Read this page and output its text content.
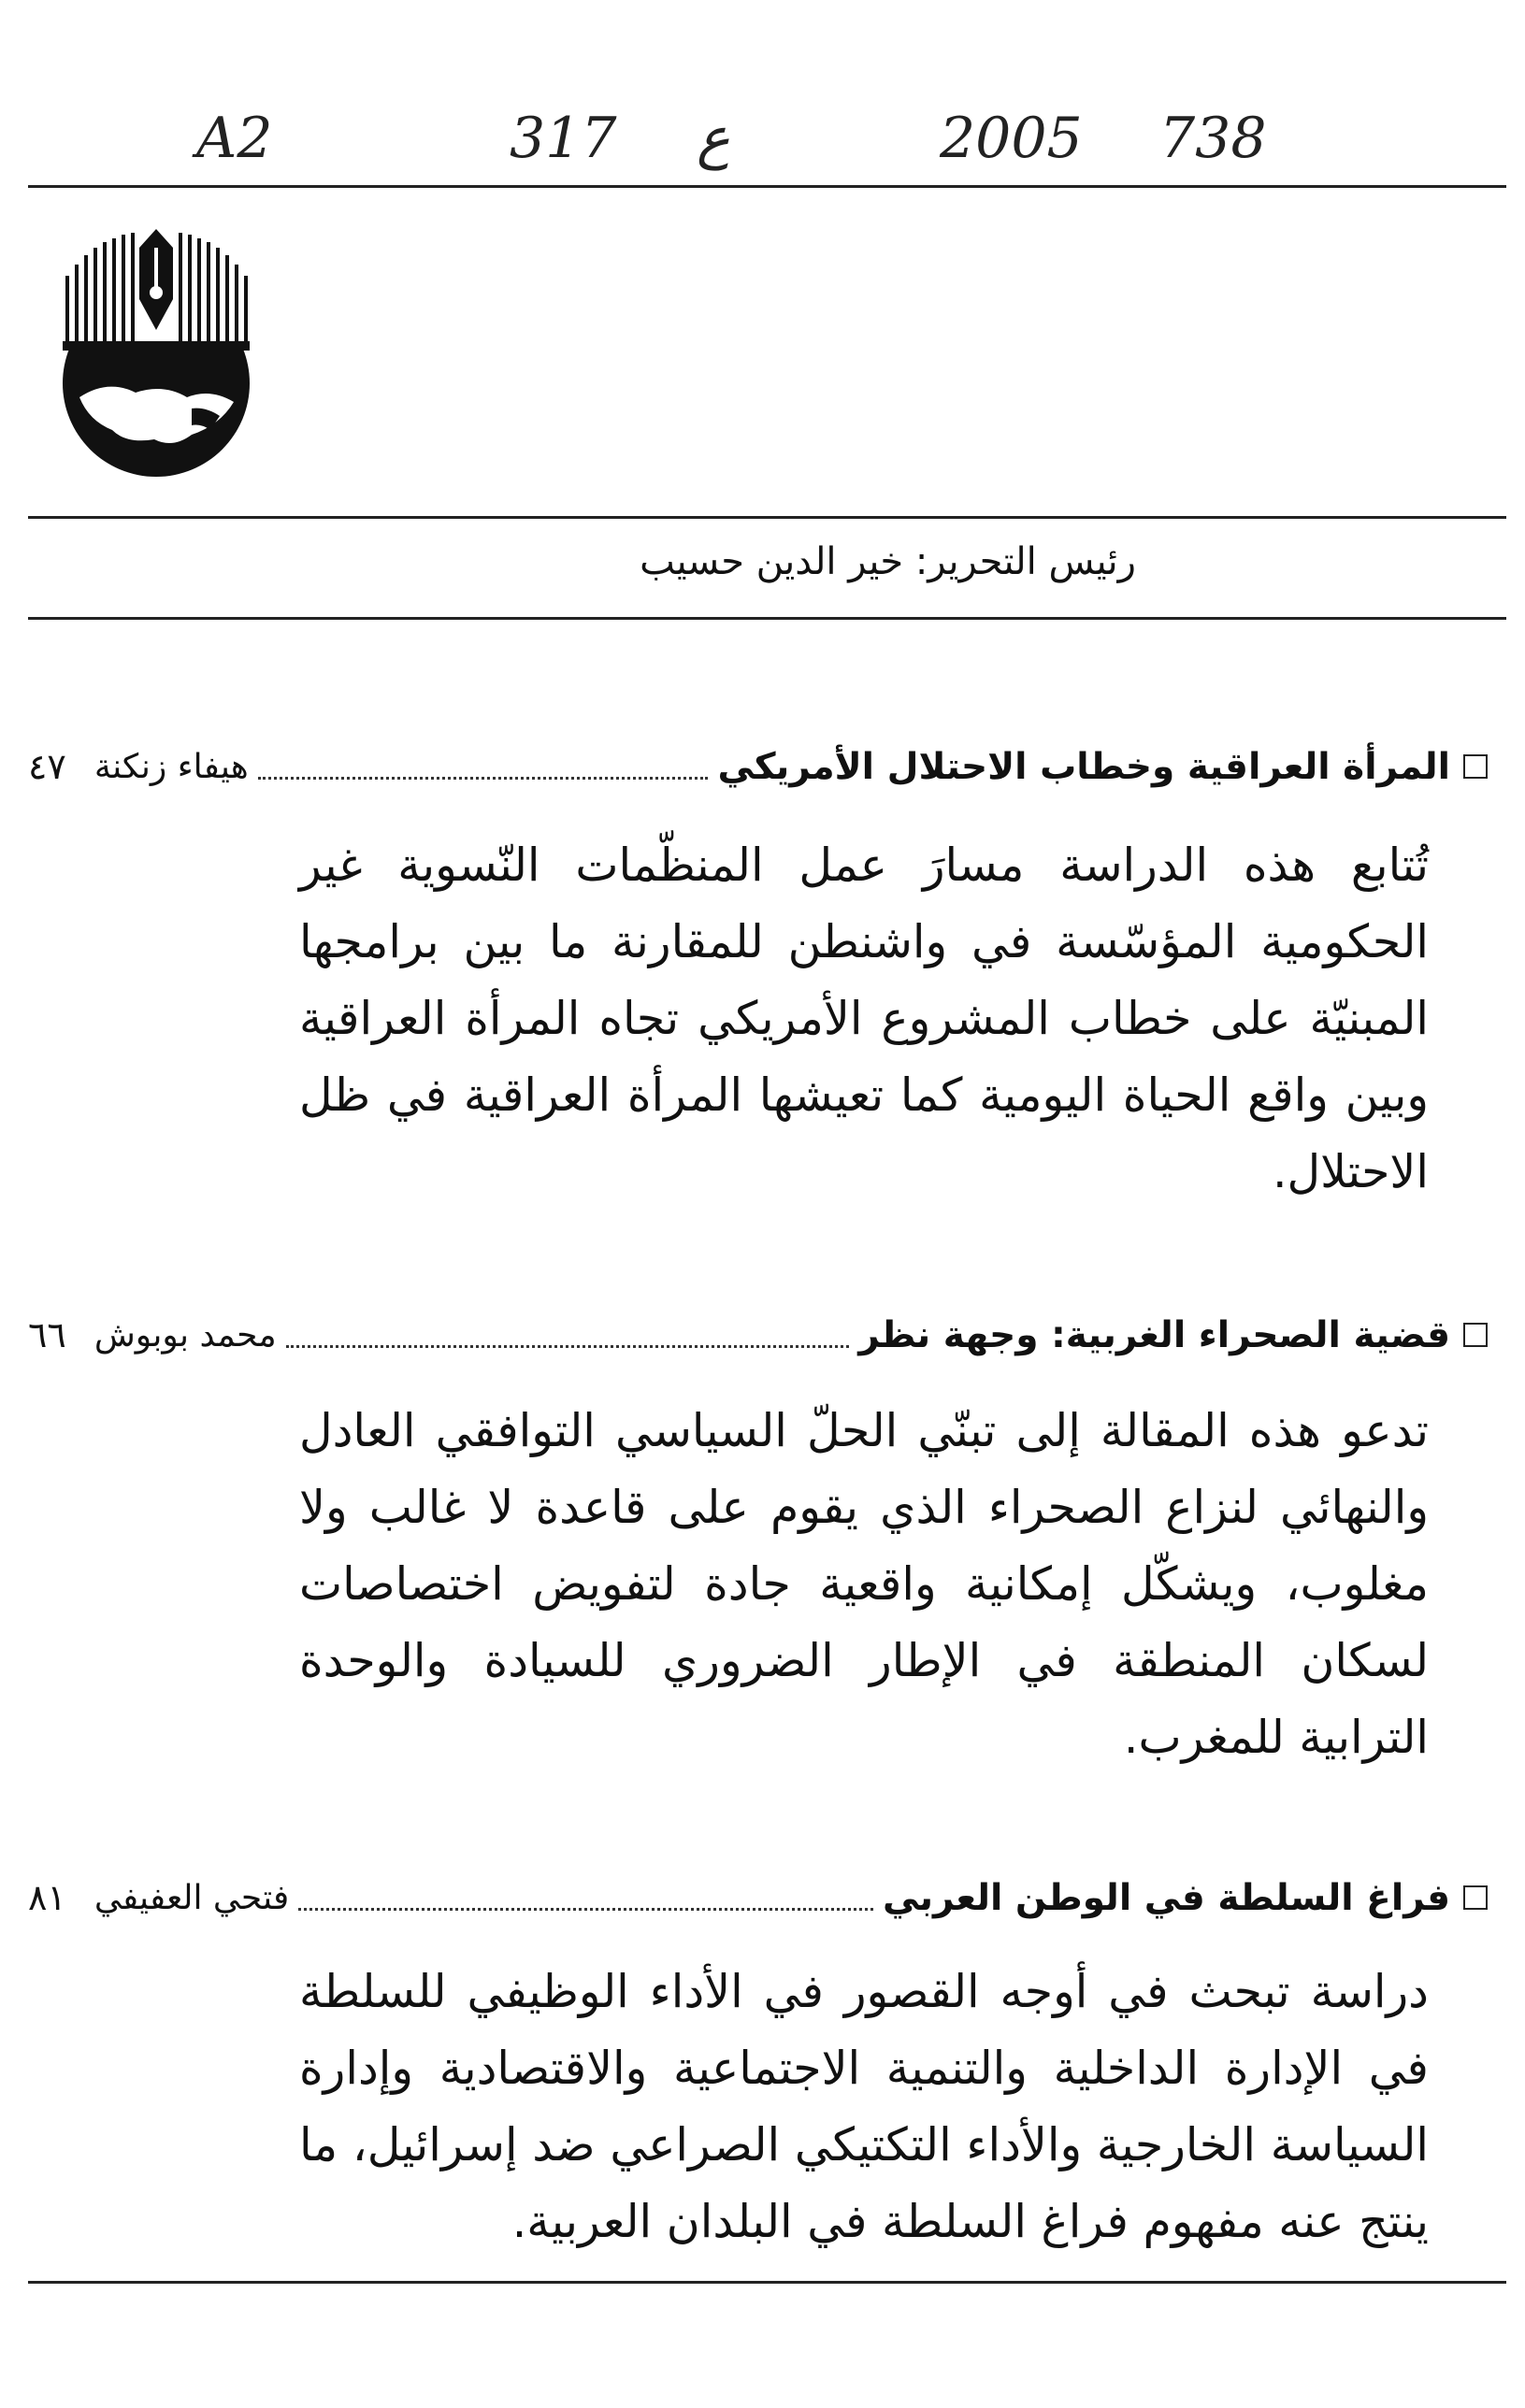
A2	317 ع	2005 738
رئيس التحرير: خير الدين حسيب
المرأة العراقية وخطاب الاحتلال الأمريكي
هيفاء زنكنة
٤٧

تُتابع هذه الدراسة مسارَ عمل المنظّمات النّسوية غير الحكومية المؤسّسة في واشنطن للمقارنة ما بين برامجها المبنيّة على خطاب المشروع الأمريكي تجاه المرأة العراقية وبين واقع الحياة اليومية كما تعيشها المرأة العراقية في ظل الاحتلال.

قضية الصحراء الغربية: وجهة نظر
محمد بوبوش
٦٦

تدعو هذه المقالة إلى تبنّي الحلّ السياسي التوافقي العادل والنهائي لنزاع الصحراء الذي يقوم على قاعدة لا غالب ولا مغلوب، ويشكّل إمكانية واقعية جادة لتفويض اختصاصات لسكان المنطقة في الإطار الضروري للسيادة والوحدة الترابية للمغرب.

فراغ السلطة في الوطن العربي
فتحي العفيفي
٨١

دراسة تبحث في أوجه القصور في الأداء الوظيفي للسلطة في الإدارة الداخلية والتنمية الاجتماعية والاقتصادية وإدارة السياسة الخارجية والأداء التكتيكي الصراعي ضد إسرائيل، ما ينتج عنه مفهوم فراغ السلطة في البلدان العربية.
